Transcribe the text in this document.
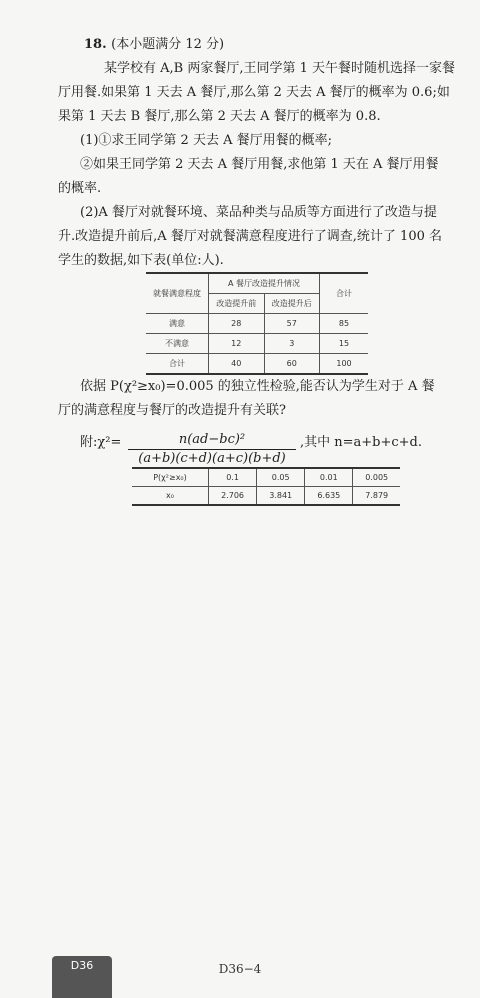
18. (本小题满分 12 分)
某学校有 A,B 两家餐厅,王同学第 1 天午餐时随机选择一家餐
厅用餐.如果第 1 天去 A 餐厅,那么第 2 天去 A 餐厅的概率为 0.6;如
果第 1 天去 B 餐厅,那么第 2 天去 A 餐厅的概率为 0.8.
(1)①求王同学第 2 天去 A 餐厅用餐的概率;
②如果王同学第 2 天去 A 餐厅用餐,求他第 1 天在 A 餐厅用餐
的概率.
(2)A 餐厅对就餐环境、菜品种类与品质等方面进行了改造与提
升.改造提升前后,A 餐厅对就餐满意程度进行了调查,统计了 100 名
学生的数据,如下表(单位:人).
就餐满意程度	A 餐厅改造提升情况		合计
	改造提升前	改造提升后	
满意	28	57	85
不满意	12	3	15
合计	40	60	100
依据 P(χ²≥x₀)=0.005 的独立性检验,能否认为学生对于 A 餐
厅的满意程度与餐厅的改造提升有关联?
附:χ²=	n(ad−bc)²
(a+b)(c+d)(a+c)(b+d)
,其中 n=a+b+c+d.
P(χ²≥x₀)	0.1	0.05	0.01	0.005
x₀	2.706	3.841	6.635	7.879
D36	D36−4
